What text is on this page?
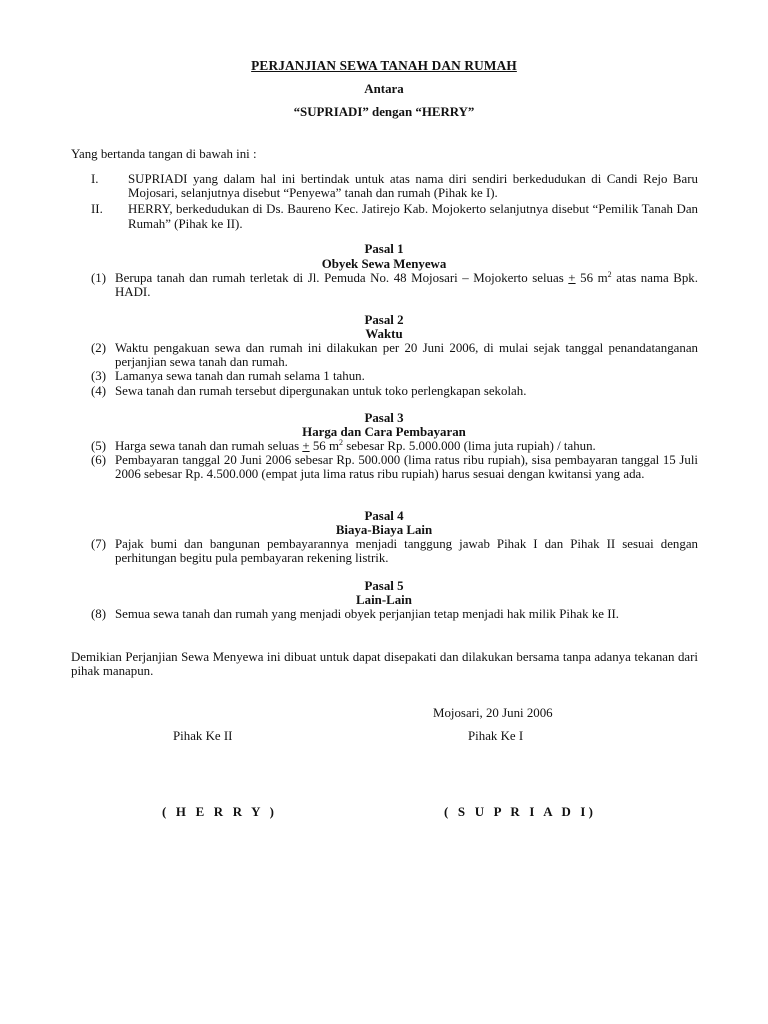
PERJANJIAN SEWA TANAH DAN RUMAH
Antara
“SUPRIADI” dengan “HERRY”
Yang bertanda tangan di bawah ini :
I. SUPRIADI yang dalam hal ini bertindak untuk atas nama diri sendiri berkedudukan di Candi Rejo Baru Mojosari, selanjutnya disebut “Penyewa” tanah dan rumah (Pihak ke I).
II. HERRY, berkedudukan di Ds. Baureno Kec. Jatirejo Kab. Mojokerto selanjutnya disebut “Pemilik Tanah Dan Rumah” (Pihak ke II).
Pasal 1
Obyek Sewa Menyewa
(1) Berupa tanah dan rumah terletak di Jl. Pemuda No. 48 Mojosari – Mojokerto seluas + 56 $m^2$ atas nama Bpk. HADI.
Pasal 2
Waktu
(2) Waktu pengakuan sewa dan rumah ini dilakukan per 20 Juni 2006, di mulai sejak tanggal penandatanganan perjanjian sewa tanah dan rumah.
(3) Lamanya sewa tanah dan rumah selama 1 tahun.
(4) Sewa tanah dan rumah tersebut dipergunakan untuk toko perlengkapan sekolah.
Pasal 3
Harga dan Cara Pembayaran
(5) Harga sewa tanah dan rumah seluas + 56 $m^2$ sebesar Rp. 5.000.000 (lima juta rupiah) / tahun.
(6) Pembayaran tanggal 20 Juni 2006 sebesar Rp. 500.000 (lima ratus ribu rupiah), sisa pembayaran tanggal 15 Juli 2006 sebesar Rp. 4.500.000 (empat juta lima ratus ribu rupiah) harus sesuai dengan kwitansi yang ada.
Pasal 4
Biaya-Biaya Lain
(7) Pajak bumi dan bangunan pembayarannya menjadi tanggung jawab Pihak I dan Pihak II sesuai dengan perhitungan begitu pula pembayaran rekening listrik.
Pasal 5
Lain-Lain
(8) Semua sewa tanah dan rumah yang menjadi obyek perjanjian tetap menjadi hak milik Pihak ke II.
Demikian Perjanjian Sewa Menyewa ini dibuat untuk dapat disepakati dan dilakukan bersama tanpa adanya tekanan dari pihak manapun.
Mojosari, 20 Juni 2006
Pihak Ke II	Pihak Ke I
( H E R R Y )	( S U P R I A D I)
